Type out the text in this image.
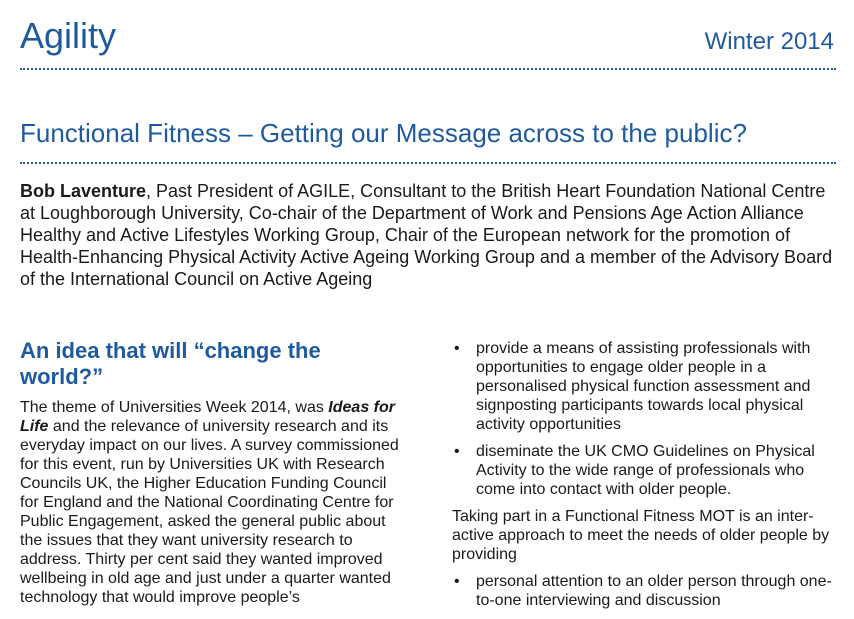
Agility	Winter 2014
Functional Fitness – Getting our Message across to the public?

Bob Laventure, Past President of AGILE, Consultant to the British Heart Foundation National Centre at Loughborough University, Co-chair of the Department of Work and Pensions Age Action Alliance Healthy and Active Lifestyles Working Group, Chair of the European network for the promotion of Health-Enhancing Physical Activity Active Ageing Working Group and a member of the Advisory Board of the International Council on Active Ageing

An idea that will “change the world?”

The theme of Universities Week 2014, was Ideas for Life and the relevance of university research and its everyday impact on our lives. A survey commissioned for this event, run by Universities UK with Research Councils UK, the Higher Education Funding Council for England and the National Coordinating Centre for Public Engagement, asked the general public about the issues that they want university research to address. Thirty per cent said they wanted improved wellbeing in old age and just under a quarter wanted technology that would improve people’s

• provide a means of assisting professionals with opportunities to engage older people in a personalised physical function assessment and signposting participants towards local physical activity opportunities
• diseminate the UK CMO Guidelines on Physical Activity to the wide range of professionals who come into contact with older people.

Taking part in a Functional Fitness MOT is an inter-active approach to meet the needs of older people by providing

• personal attention to an older person through one-to-one interviewing and discussion
